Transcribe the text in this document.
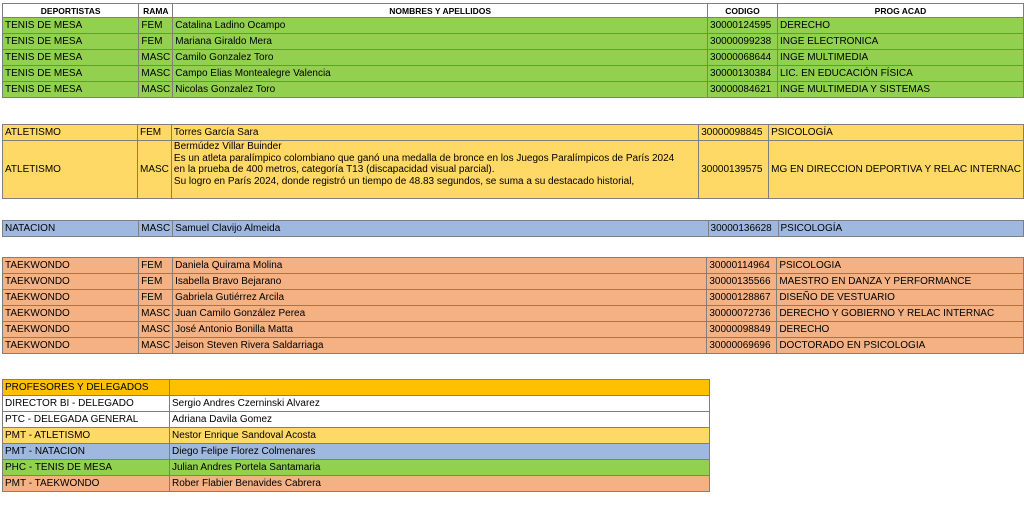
DEPORTISTAS	RAMA	NOMBRES Y APELLIDOS	CODIGO	PROG ACAD
TENIS DE MESA	FEM	Catalina Ladino Ocampo	30000124595	DERECHO
TENIS DE MESA	FEM	Mariana Giraldo Mera	30000099238	INGE ELECTRONICA
TENIS DE MESA	MASC	Camilo Gonzalez Toro	30000068644	INGE MULTIMEDIA
TENIS DE MESA	MASC	Campo Elias Montealegre Valencia	30000130384	LIC. EN EDUCACIÓN FÍSICA
TENIS DE MESA	MASC	Nicolas Gonzalez Toro	30000084621	INGE MULTIMEDIA Y SISTEMAS
ATLETISMO	FEM	Torres García Sara	30000098845	PSICOLOGÍA
ATLETISMO	MASC	Bermúdez Villar Buinder
Es un atleta paralímpico colombiano que ganó una medalla de bronce en los Juegos Paralímpicos de París 2024
en la prueba de 400 metros, categoría T13 (discapacidad visual parcial).
Su logro en París 2024, donde registró un tiempo de 48.83 segundos, se suma a su destacado historial,	30000139575	MG EN DIRECCION DEPORTIVA Y RELAC INTERNAC
NATACION	MASC	Samuel Clavijo Almeida	30000136628	PSICOLOGÍA
TAEKWONDO	FEM	Daniela Quirama Molina	30000114964	PSICOLOGIA
TAEKWONDO	FEM	Isabella Bravo Bejarano	30000135566	MAESTRO EN DANZA Y PERFORMANCE
TAEKWONDO	FEM	Gabriela Gutiérrez Arcila	30000128867	DISEÑO DE VESTUARIO
TAEKWONDO	MASC	Juan Camilo González Perea	30000072736	DERECHO Y GOBIERNO Y RELAC INTERNAC
TAEKWONDO	MASC	José Antonio Bonilla Matta	30000098849	DERECHO
TAEKWONDO	MASC	Jeison Steven Rivera Saldarriaga	30000069696	DOCTORADO EN PSICOLOGIA
PROFESORES Y DELEGADOS	
DIRECTOR BI - DELEGADO	Sergio Andres Czerninski Alvarez
PTC - DELEGADA GENERAL	Adriana Davila Gomez
PMT - ATLETISMO	Nestor Enrique Sandoval Acosta
PMT - NATACION	Diego Felipe Florez Colmenares
PHC - TENIS DE MESA	Julian Andres Portela Santamaria
PMT - TAEKWONDO	Rober Flabier Benavides Cabrera
